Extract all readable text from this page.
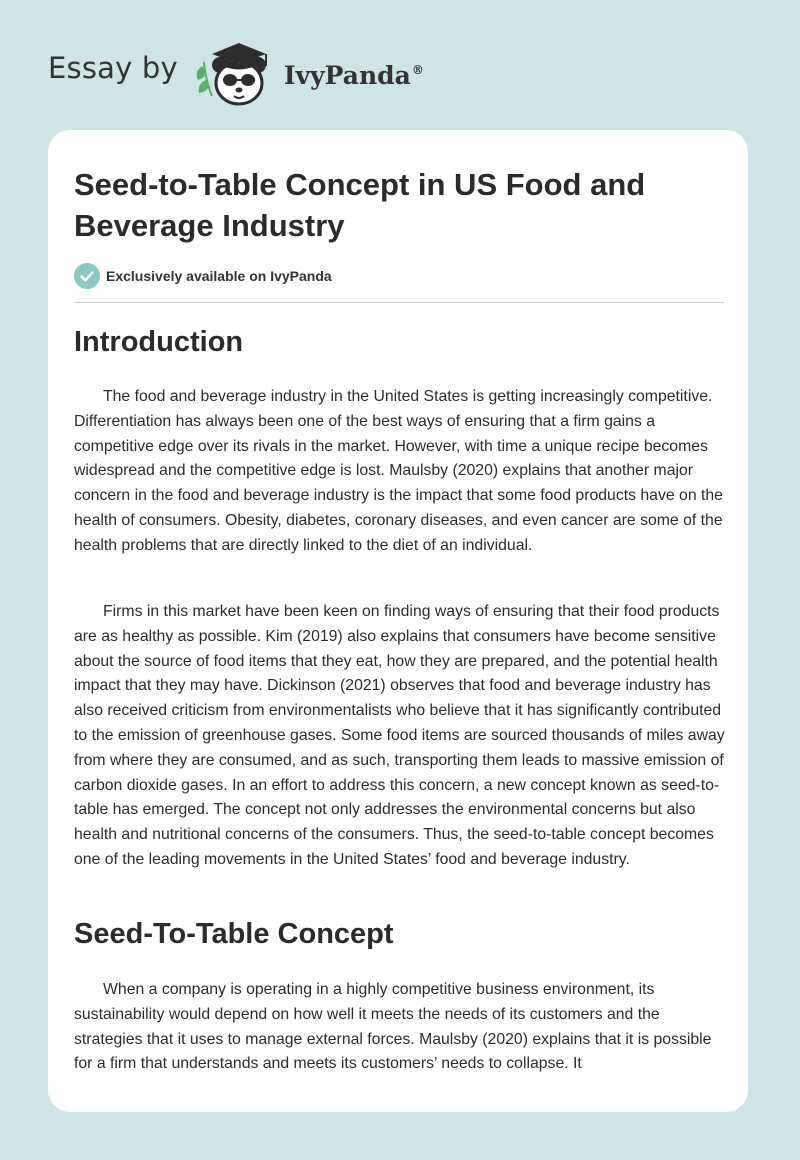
Essay by	IvyPanda®
Seed-to-Table Concept in US Food and Beverage Industry
Exclusively available on IvyPanda
Introduction

The food and beverage industry in the United States is getting increasingly competitive. Differentiation has always been one of the best ways of ensuring that a firm gains a competitive edge over its rivals in the market. However, with time a unique recipe becomes widespread and the competitive edge is lost. Maulsby (2020) explains that another major concern in the food and beverage industry is the impact that some food products have on the health of consumers. Obesity, diabetes, coronary diseases, and even cancer are some of the health problems that are directly linked to the diet of an individual.

Firms in this market have been keen on finding ways of ensuring that their food products are as healthy as possible. Kim (2019) also explains that consumers have become sensitive about the source of food items that they eat, how they are prepared, and the potential health impact that they may have. Dickinson (2021) observes that food and beverage industry has also received criticism from environmentalists who believe that it has significantly contributed to the emission of greenhouse gases. Some food items are sourced thousands of miles away from where they are consumed, and as such, transporting them leads to massive emission of carbon dioxide gases. In an effort to address this concern, a new concept known as seed-to-table has emerged. The concept not only addresses the environmental concerns but also health and nutritional concerns of the consumers. Thus, the seed-to-table concept becomes one of the leading movements in the United States’ food and beverage industry.

Seed-To-Table Concept

When a company is operating in a highly competitive business environment, its sustainability would depend on how well it meets the needs of its customers and the strategies that it uses to manage external forces. Maulsby (2020) explains that it is possible for a firm that understands and meets its customers’ needs to collapse. It
